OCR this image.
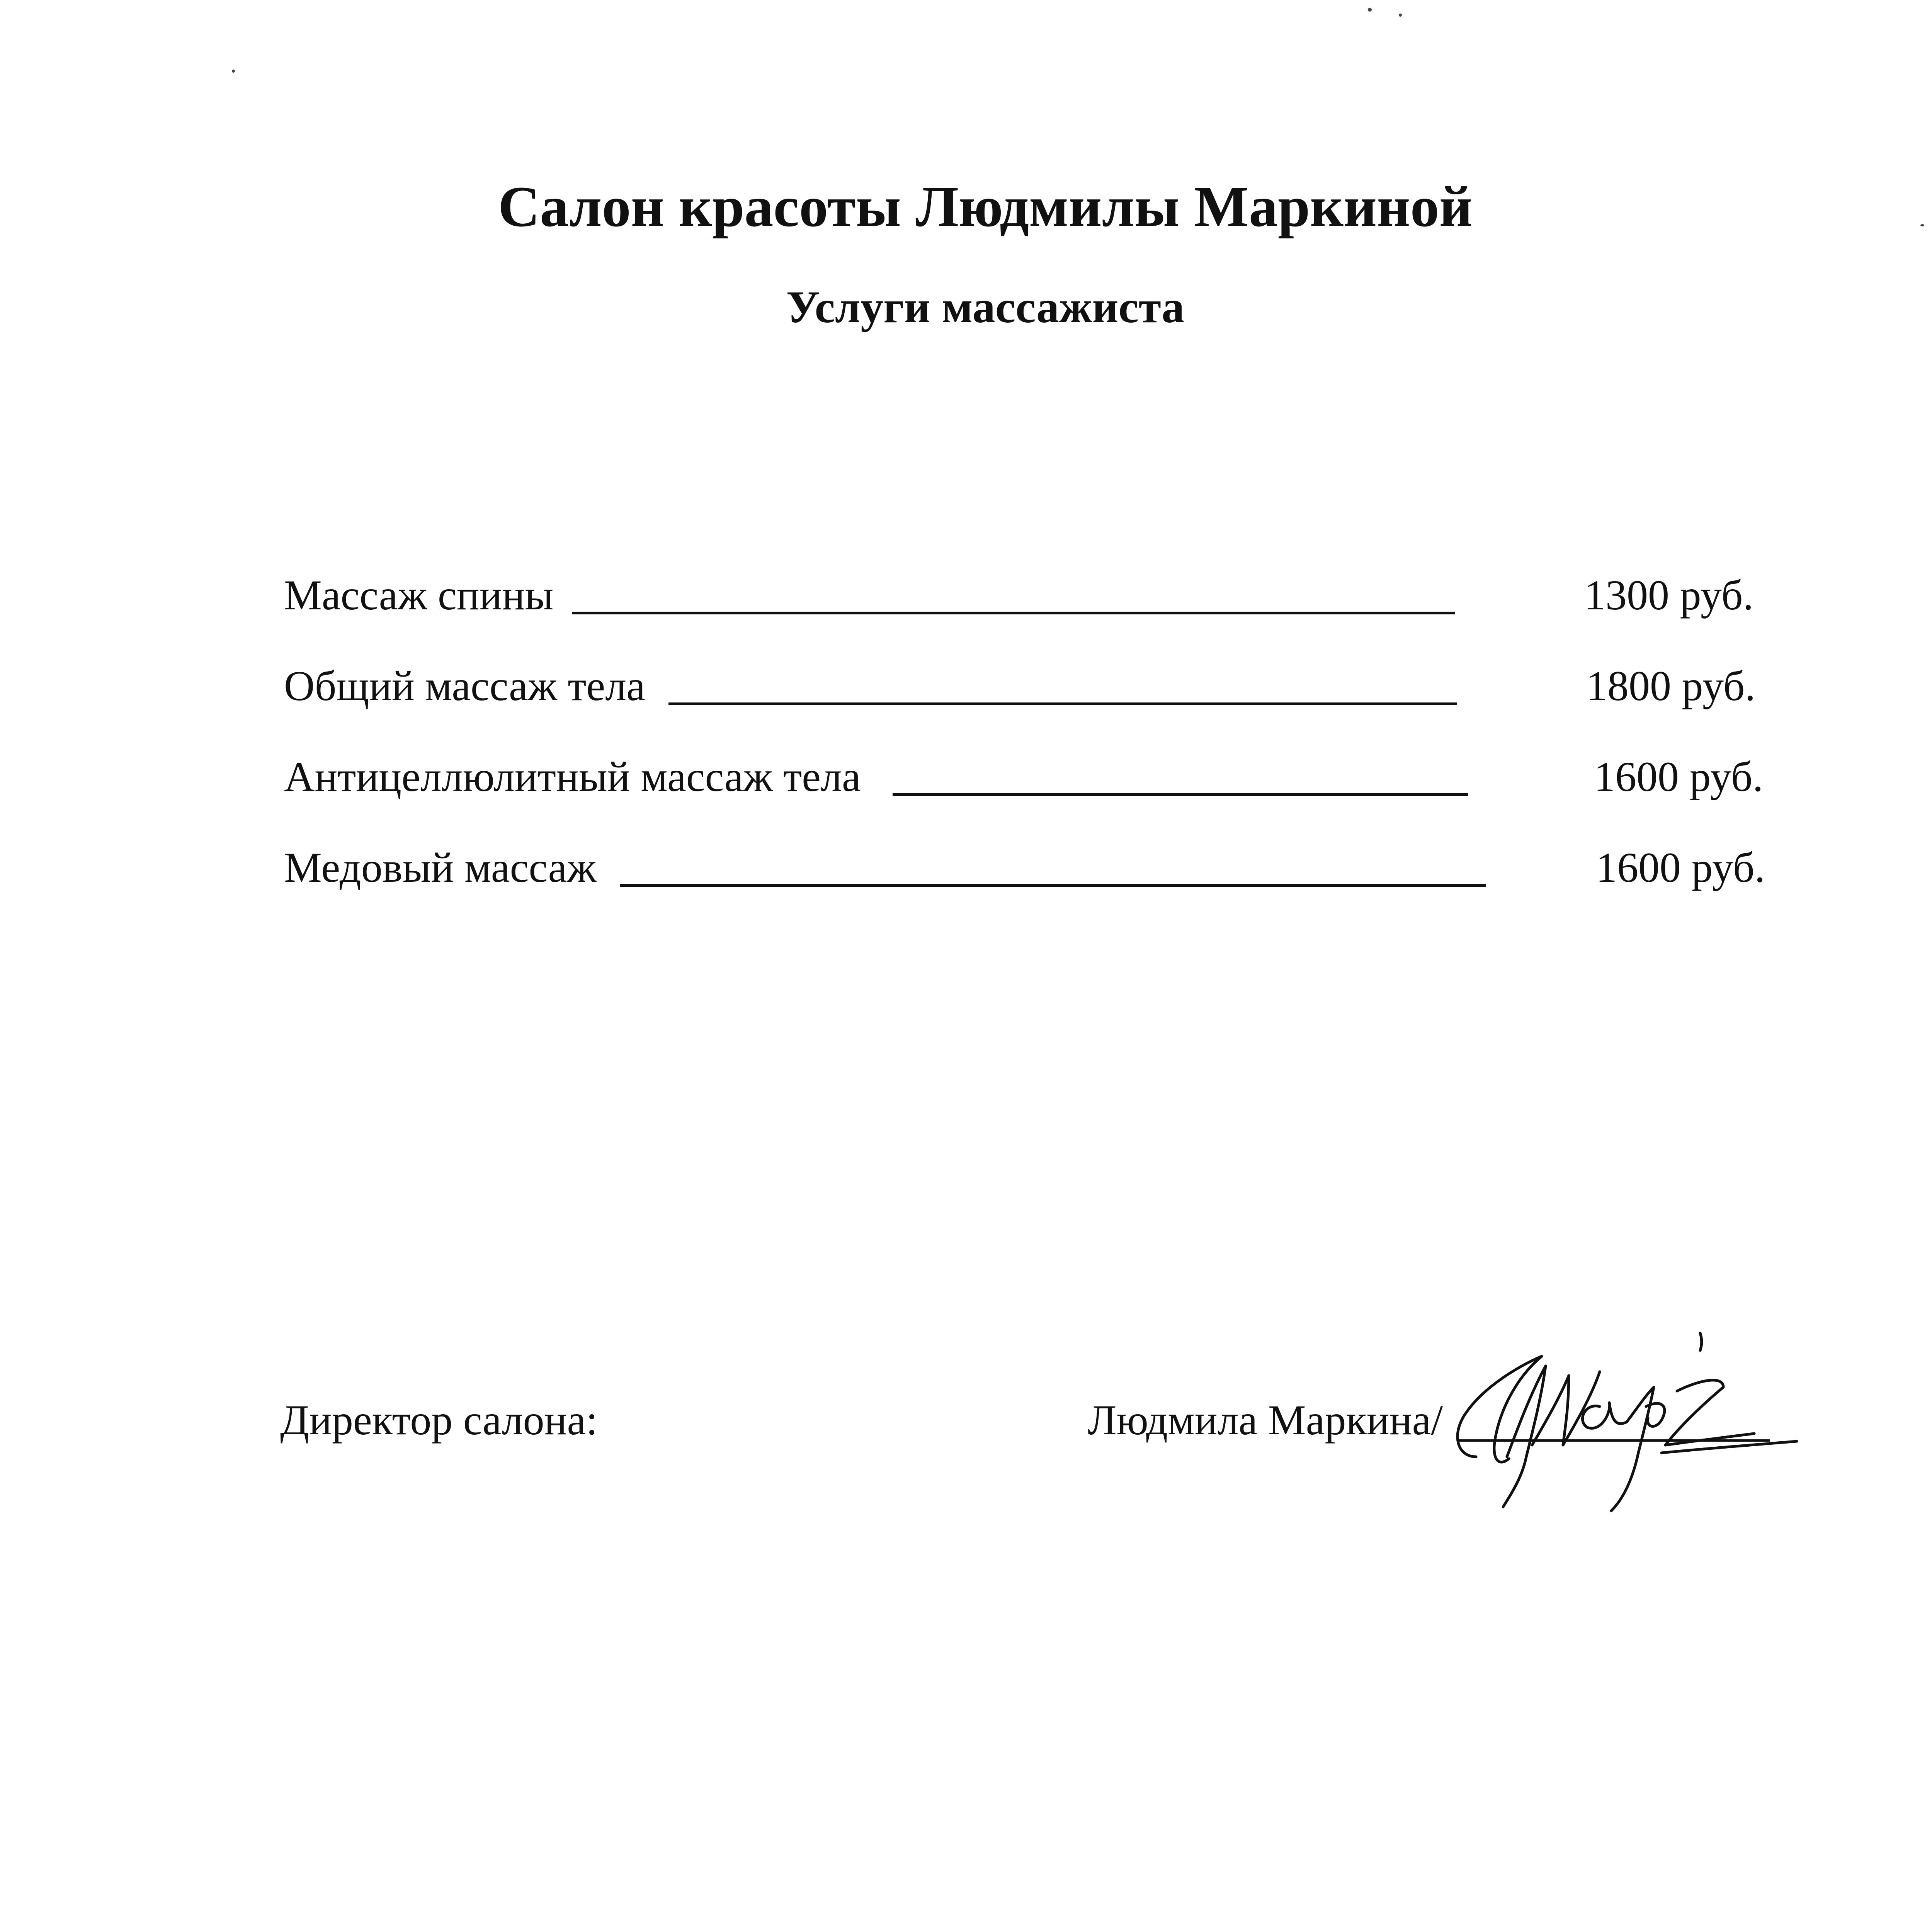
Салон красоты Людмилы Маркиной
Услуги массажиста
Массаж спины	1300 руб.
Общий массаж тела	1800 руб.
Антицеллюлитный массаж тела	1600 руб.
Медовый массаж	1600 руб.
Директор салона:	Людмила Маркина/
